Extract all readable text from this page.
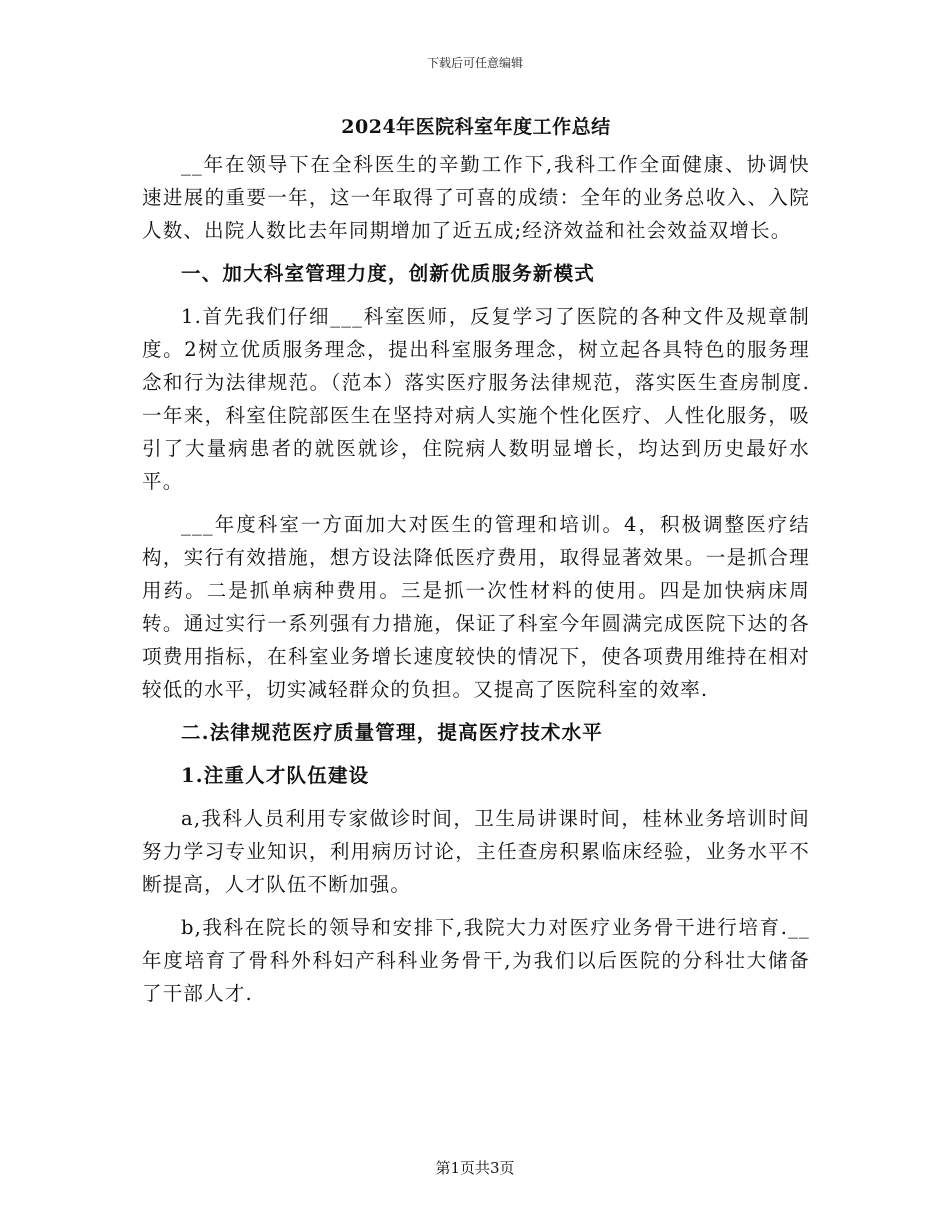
下载后可任意编辑
2024年医院科室年度工作总结

__年在领导下在全科医生的辛勤工作下,我科工作全面健康、协调快速进展的重要一年，这一年取得了可喜的成绩：全年的业务总收入、入院人数、出院人数比去年同期增加了近五成;经济效益和社会效益双增长。

一、加大科室管理力度，创新优质服务新模式

1.首先我们仔细___科室医师，反复学习了医院的各种文件及规章制度。2树立优质服务理念，提出科室服务理念，树立起各具特色的服务理念和行为法律规范。（范本）落实医疗服务法律规范，落实医生查房制度.一年来，科室住院部医生在坚持对病人实施个性化医疗、人性化服务，吸引了大量病患者的就医就诊，住院病人数明显增长，均达到历史最好水平。

___年度科室一方面加大对医生的管理和培训。4，积极调整医疗结构，实行有效措施，想方设法降低医疗费用，取得显著效果。一是抓合理用药。二是抓单病种费用。三是抓一次性材料的使用。四是加快病床周转。通过实行一系列强有力措施，保证了科室今年圆满完成医院下达的各项费用指标，在科室业务增长速度较快的情况下，使各项费用维持在相对较低的水平，切实减轻群众的负担。又提高了医院科室的效率.

二.法律规范医疗质量管理，提高医疗技术水平
1.注重人才队伍建设

a,我科人员利用专家做诊时间，卫生局讲课时间，桂林业务培训时间努力学习专业知识，利用病历讨论，主任查房积累临床经验，业务水平不断提高，人才队伍不断加强。

b,我科在院长的领导和安排下,我院大力对医疗业务骨干进行培育.__年度培育了骨科外科妇产科科业务骨干,为我们以后医院的分科壮大储备了干部人才.

第1页共3页
